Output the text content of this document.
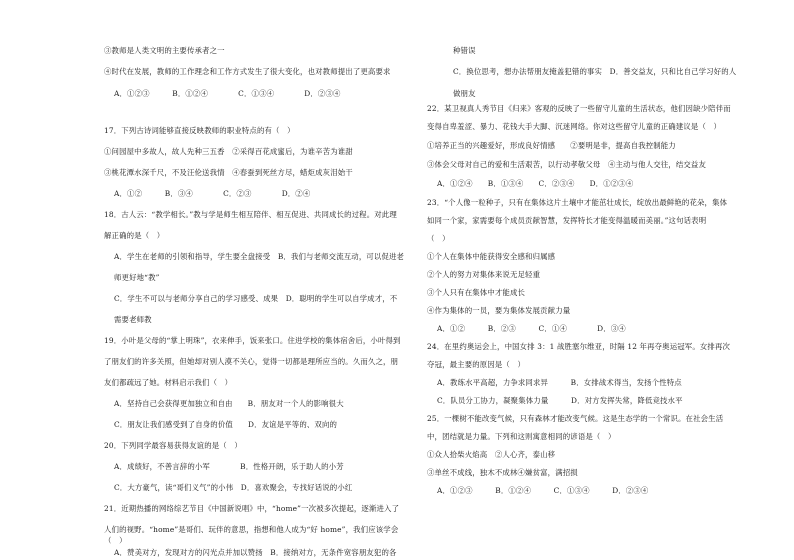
③教师是人类文明的主要传承者之一
④时代在发展，教师的工作理念和工作方式发生了很大变化，也对教师提出了更高要求
A．①②③　　　B．①②④　　　　C．①③④　　　　D．②③④
17．下列古诗词能够直接反映教师的职业特点的有（　）
①问园屋中多故人，故人先种三五香　②采得百花成蜜后，为谁辛苦为谁甜
③桃花潭水深千尺，不及汪伦送我情　④春蚕到死丝方尽，蜡炬成灰泪始干
A．①②　　　B．③④　　　　C．②③　　　　D．②④
18．古人云：“教学相长。”教与学是师生相互陪伴、相互促进、共同成长的过程。对此理
解正确的是（　）
A．学生在老师的引领和指导，学生要全盘接受　B．我们与老师交流互动，可以促进老
师更好地“教”
C．学生不可以与老师分享自己的学习感受、成果　D．聪明的学生可以自学成才，不
需要老师教
19．小叶是父母的“掌上明珠”，衣来伸手，饭来张口。住进学校的集体宿舍后，小叶得到
了朋友们的许多关照，但她却对别人漠不关心，觉得一切都是理所应当的。久而久之，朋
友们都疏远了她。材料启示我们（　）
A．坚持自己会获得更加独立和自由　　B．朋友对一个人的影响很大
C．朋友让我们感受到了自身的价值　　D．友谊是平等的、双向的
20．下列同学最容易获得友谊的是（　）
A．成绩好，不善言辞的小军　　　　B．性格开朗，乐于助人的小芳
C．大方豪气，读“哥们义气”的小伟　D．喜欢聚会，专找好话说的小红
21．近期热播的网络综艺节目《中国新说唱》中，“home”一次被多次提起，逐渐进入了
人们的视野。“home”是哥们、玩伴的意思，指想和他人成为“好 home”，我们应该学会
（　）
A．赞美对方，发现对方的闪光点并加以赞扬　B．接纳对方，无条件宽容朋友犯的各
种错误
C．换位思考，想办法帮朋友掩盖犯错的事实　D．善交益友，只和比自己学习好的人
做朋友
22．某卫视真人秀节目《归来》客观的反映了一些留守儿童的生活状态，他们因缺少陪伴而
变得自卑羞涩、暴力、花钱大手大脚、沉迷网络。你对这些留守儿童的正确建议是（　）
①培养正当的兴趣爱好，形成良好情感　　②要明是非，提高自我控制能力
③体会父母对自己的爱和生活艰苦，以行动孝敬父母　④主动与他人交往，结交益友
A．①②④　　B．①③④　　C．②③④　　D．①②③④
23．“个人像一粒种子，只有在集体这片土壤中才能茁壮成长，绽放出最鲜艳的花朵，集体
如同一个家，家需要每个成员贡献智慧，发挥特长才能变得温暖而美丽。”这句话表明
（　）
①个人在集体中能获得安全感和归属感
②个人的努力对集体来说无足轻重
③个人只有在集体中才能成长
④作为集体的一员，要为集体发展贡献力量
A．①②　　　B．②③　　　C．①④　　　　D．③④
24．在里约奥运会上，中国女排 3：1 战胜塞尔维亚，时隔 12 年再夺奥运冠军。女排再次
夺冠，最主要的原因是（　）
A．教练水平高超，力争求同求异　　　B．女排战术得当，发扬个性特点
C．队员分工协力，凝聚集体力量　　　D．对方发挥失常，降低竞技水平
25．一棵树不能改变气候，只有森林才能改变气候。这是生态学的一个常识。在社会生活
中，团结就是力量。下列和这则寓意相同的谚语是（　）
①众人拾柴火焰高　②人心齐，泰山移
③单丝不成线，独木不成林④嫌贫富，满招损
A．①②③　　　B．①②④　　　C．①③④　　　D．②③④
